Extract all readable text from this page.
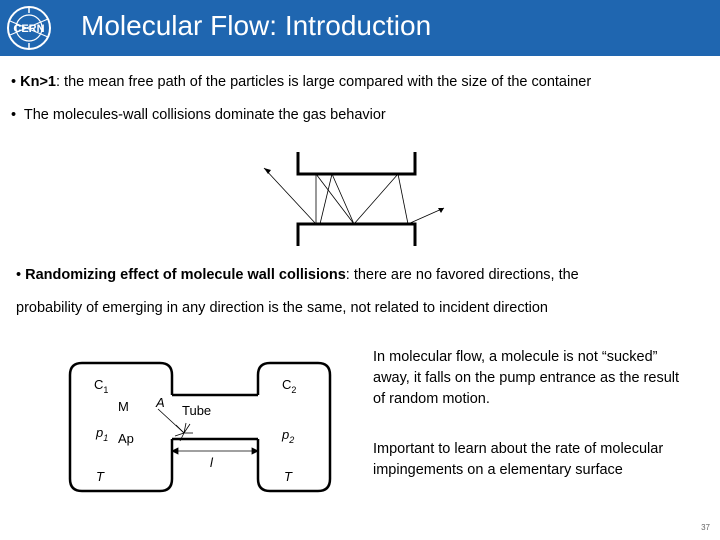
CERN Molecular Flow: Introduction
• Kn>1: the mean free path of the particles is large compared with the size of the container
• The molecules-wall collisions dominate the gas behavior
• Randomizing effect of molecule wall collisions: there are no favored directions, the
probability of emerging in any direction is the same, not related to incident direction
$C_1$	$C_2$
M A
Tube
$p_1$ Ap	$p_2$
l
T	T
In molecular flow, a molecule is not “sucked” away, it falls on the pump entrance as the result of random motion.
Important to learn about the rate of molecular impingements on a elementary surface
37
